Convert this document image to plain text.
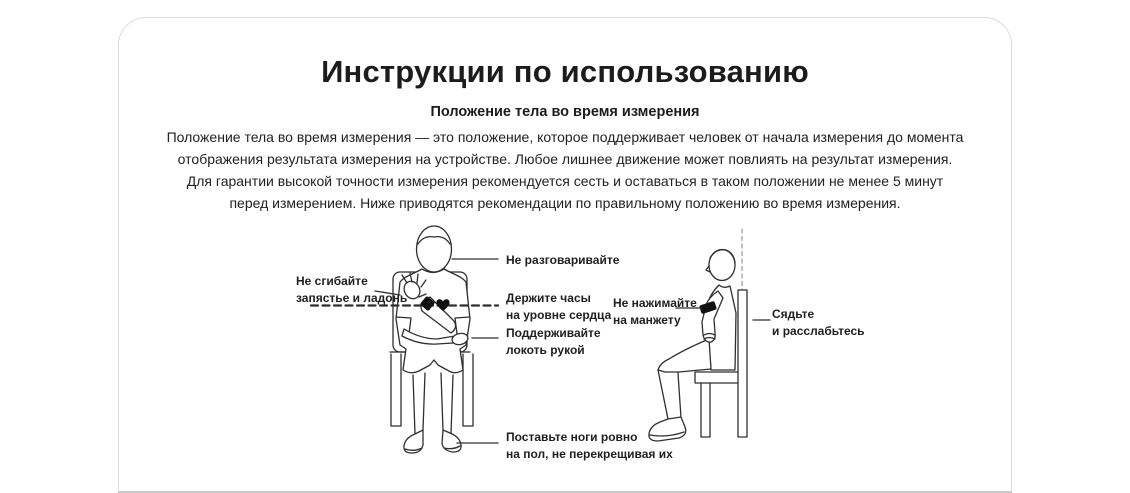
Инструкции по использованию
Положение тела во время измерения
Положение тела во время измерения — это положение, которое поддерживает человек от начала измерения до момента
отображения результата измерения на устройстве. Любое лишнее движение может повлиять на результат измерения.
Для гарантии высокой точности измерения рекомендуется сесть и оставаться в таком положении не менее 5 минут
перед измерением. Ниже приводятся рекомендации по правильному положению во время измерения.
Не разговаривайте
Не сгибайте
запястье и ладонь	Держите часы
на уровне сердца
Поддерживайте
локоть рукой
Поставьте ноги ровно
на пол, не перекрещивая их
Не нажимайте
на манжету	Сядьте
и расслабьтесь
